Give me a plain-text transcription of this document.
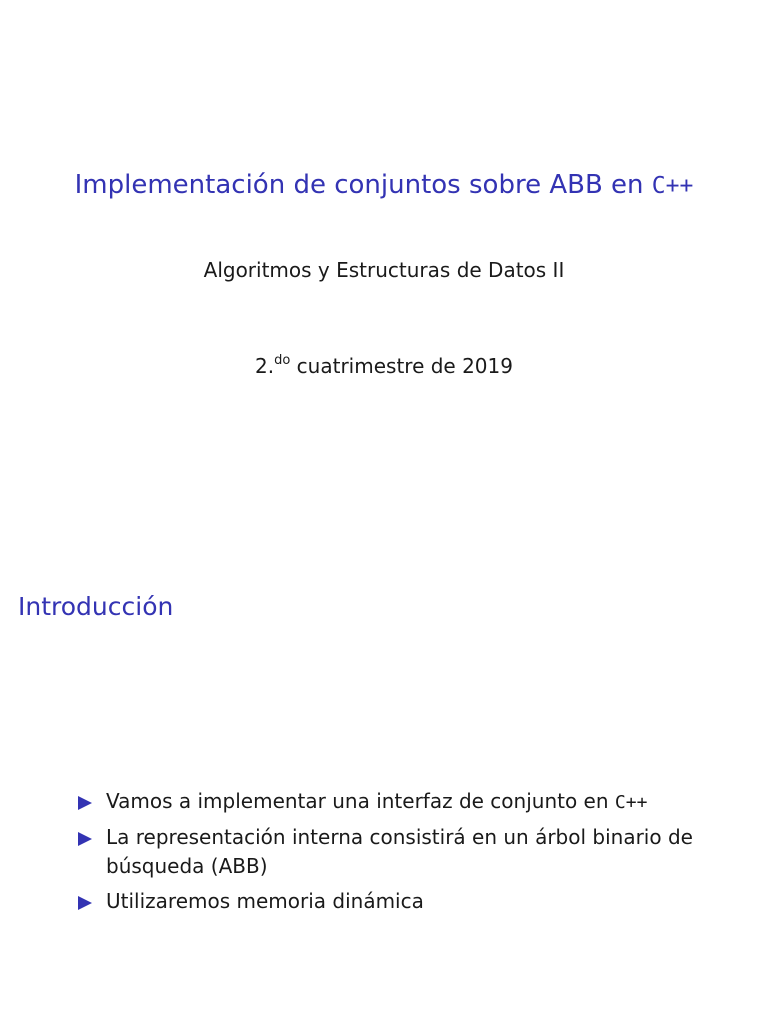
Implementación de conjuntos sobre ABB en C++
Algoritmos y Estructuras de Datos II
2.$^{do}$ cuatrimestre de 2019
Introducción
Vamos a implementar una interfaz de conjunto en C++
La representación interna consistirá en un árbol binario de búsqueda (ABB)
Utilizaremos memoria dinámica
